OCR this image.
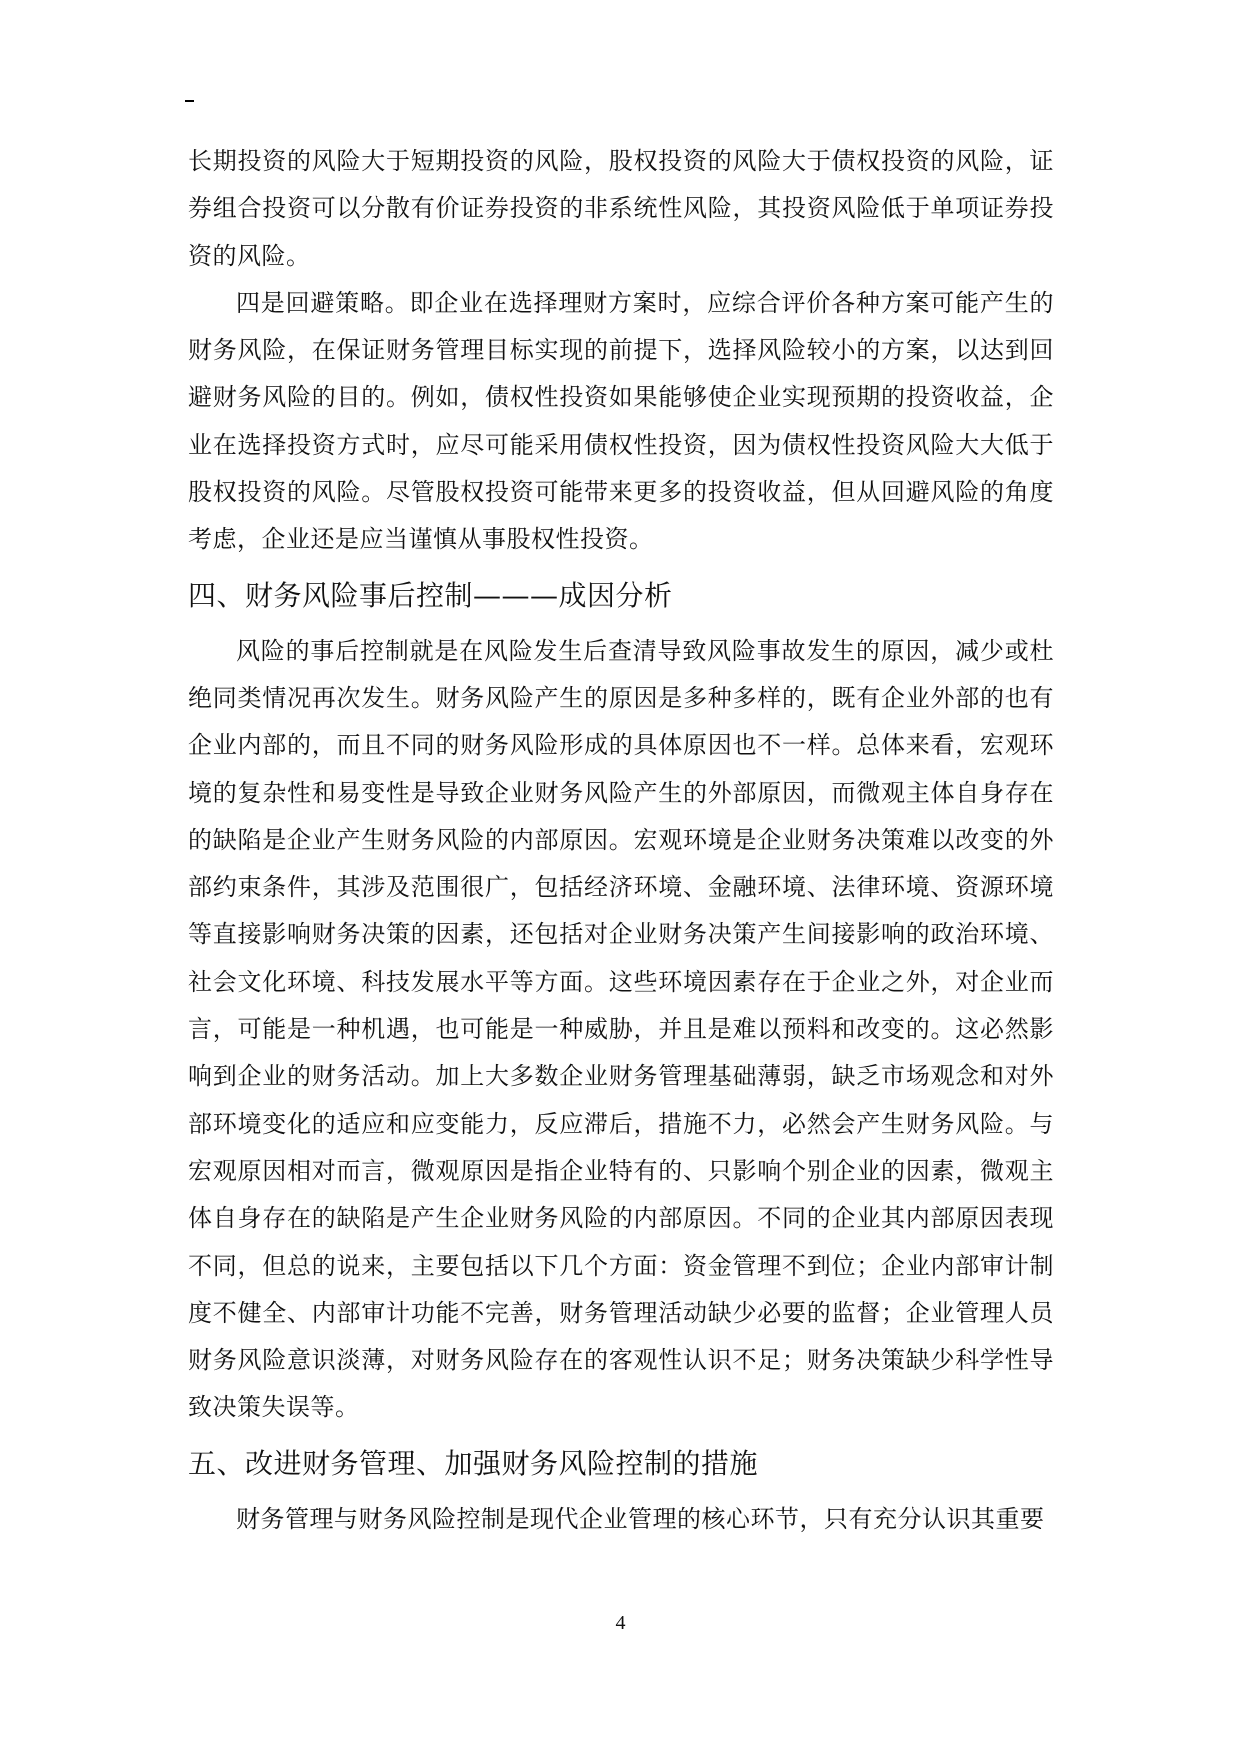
长期投资的风险大于短期投资的风险，股权投资的风险大于债权投资的风险，证券组合投资可以分散有价证券投资的非系统性风险，其投资风险低于单项证券投资的风险。

四是回避策略。即企业在选择理财方案时，应综合评价各种方案可能产生的财务风险，在保证财务管理目标实现的前提下，选择风险较小的方案，以达到回避财务风险的目的。例如，债权性投资如果能够使企业实现预期的投资收益，企业在选择投资方式时，应尽可能采用债权性投资，因为债权性投资风险大大低于股权投资的风险。尽管股权投资可能带来更多的投资收益，但从回避风险的角度考虑，企业还是应当谨慎从事股权性投资。

四、财务风险事后控制———成因分析

风险的事后控制就是在风险发生后查清导致风险事故发生的原因，减少或杜绝同类情况再次发生。财务风险产生的原因是多种多样的，既有企业外部的也有企业内部的，而且不同的财务风险形成的具体原因也不一样。总体来看，宏观环境的复杂性和易变性是导致企业财务风险产生的外部原因，而微观主体自身存在的缺陷是企业产生财务风险的内部原因。宏观环境是企业财务决策难以改变的外部约束条件，其涉及范围很广，包括经济环境、金融环境、法律环境、资源环境等直接影响财务决策的因素，还包括对企业财务决策产生间接影响的政治环境、社会文化环境、科技发展水平等方面。这些环境因素存在于企业之外，对企业而言，可能是一种机遇，也可能是一种威胁，并且是难以预料和改变的。这必然影响到企业的财务活动。加上大多数企业财务管理基础薄弱，缺乏市场观念和对外部环境变化的适应和应变能力，反应滞后，措施不力，必然会产生财务风险。与宏观原因相对而言，微观原因是指企业特有的、只影响个别企业的因素，微观主体自身存在的缺陷是产生企业财务风险的内部原因。不同的企业其内部原因表现不同，但总的说来，主要包括以下几个方面：资金管理不到位；企业内部审计制度不健全、内部审计功能不完善，财务管理活动缺少必要的监督；企业管理人员财务风险意识淡薄，对财务风险存在的客观性认识不足；财务决策缺少科学性导致决策失误等。

五、改进财务管理、加强财务风险控制的措施

财务管理与财务风险控制是现代企业管理的核心环节，只有充分认识其重要

4
